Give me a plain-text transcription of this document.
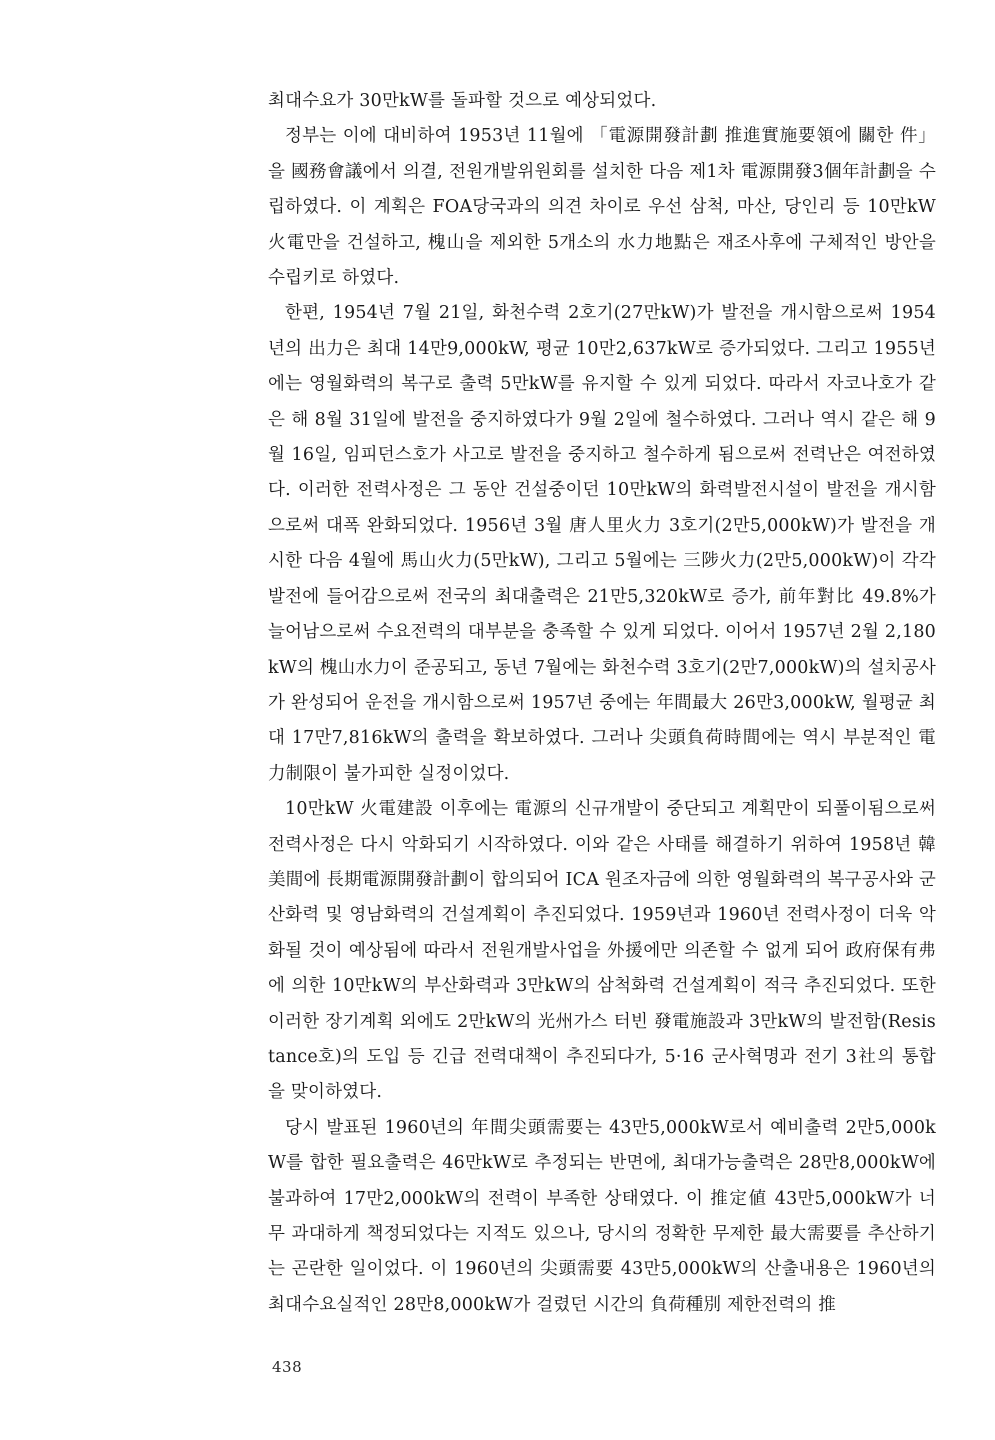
최대수요가 30만kW를 돌파할 것으로 예상되었다.

정부는 이에 대비하여 1953년 11월에 「電源開發計劃 推進實施要領에 關한 件」을 國務會議에서 의결, 전원개발위원회를 설치한 다음 제1차 電源開發3個年計劃을 수립하였다. 이 계획은 FOA당국과의 의견 차이로 우선 삼척, 마산, 당인리 등 10만kW 火電만을 건설하고, 槐山을 제외한 5개소의 水力地點은 재조사후에 구체적인 방안을 수립키로 하였다.

한편, 1954년 7월 21일, 화천수력 2호기(27만kW)가 발전을 개시함으로써 1954년의 出力은 최대 14만9,000kW, 평균 10만2,637kW로 증가되었다. 그리고 1955년에는 영월화력의 복구로 출력 5만kW를 유지할 수 있게 되었다. 따라서 자코나호가 같은 해 8월 31일에 발전을 중지하였다가 9월 2일에 철수하였다. 그러나 역시 같은 해 9월 16일, 임피던스호가 사고로 발전을 중지하고 철수하게 됨으로써 전력난은 여전하였다. 이러한 전력사정은 그 동안 건설중이던 10만kW의 화력발전시설이 발전을 개시함으로써 대폭 완화되었다. 1956년 3월 唐人里火力 3호기(2만5,000kW)가 발전을 개시한 다음 4월에 馬山火力(5만kW), 그리고 5월에는 三陟火力(2만5,000kW)이 각각 발전에 들어감으로써 전국의 최대출력은 21만5,320kW로 증가, 前年對比 49.8%가 늘어남으로써 수요전력의 대부분을 충족할 수 있게 되었다. 이어서 1957년 2월 2,180kW의 槐山水力이 준공되고, 동년 7월에는 화천수력 3호기(2만7,000kW)의 설치공사가 완성되어 운전을 개시함으로써 1957년 중에는 年間最大 26만3,000kW, 월평균 최대 17만7,816kW의 출력을 확보하였다. 그러나 尖頭負荷時間에는 역시 부분적인 電力制限이 불가피한 실정이었다.

10만kW 火電建設 이후에는 電源의 신규개발이 중단되고 계획만이 되풀이됨으로써 전력사정은 다시 악화되기 시작하였다. 이와 같은 사태를 해결하기 위하여 1958년 韓美間에 長期電源開發計劃이 합의되어 ICA 원조자금에 의한 영월화력의 복구공사와 군산화력 및 영남화력의 건설계획이 추진되었다. 1959년과 1960년 전력사정이 더욱 악화될 것이 예상됨에 따라서 전원개발사업을 外援에만 의존할 수 없게 되어 政府保有弗에 의한 10만kW의 부산화력과 3만kW의 삼척화력 건설계획이 적극 추진되었다. 또한 이러한 장기계획 외에도 2만kW의 光州가스 터빈 發電施設과 3만kW의 발전함(Resistance호)의 도입 등 긴급 전력대책이 추진되다가, 5·16 군사혁명과 전기 3社의 통합을 맞이하였다.

당시 발표된 1960년의 年間尖頭需要는 43만5,000kW로서 예비출력 2만5,000kW를 합한 필요출력은 46만kW로 추정되는 반면에, 최대가능출력은 28만8,000kW에 불과하여 17만2,000kW의 전력이 부족한 상태였다. 이 推定値 43만5,000kW가 너무 과대하게 책정되었다는 지적도 있으나, 당시의 정확한 무제한 最大需要를 추산하기는 곤란한 일이었다. 이 1960년의 尖頭需要 43만5,000kW의 산출내용은 1960년의 최대수요실적인 28만8,000kW가 걸렸던 시간의 負荷種別 제한전력의 推

438
